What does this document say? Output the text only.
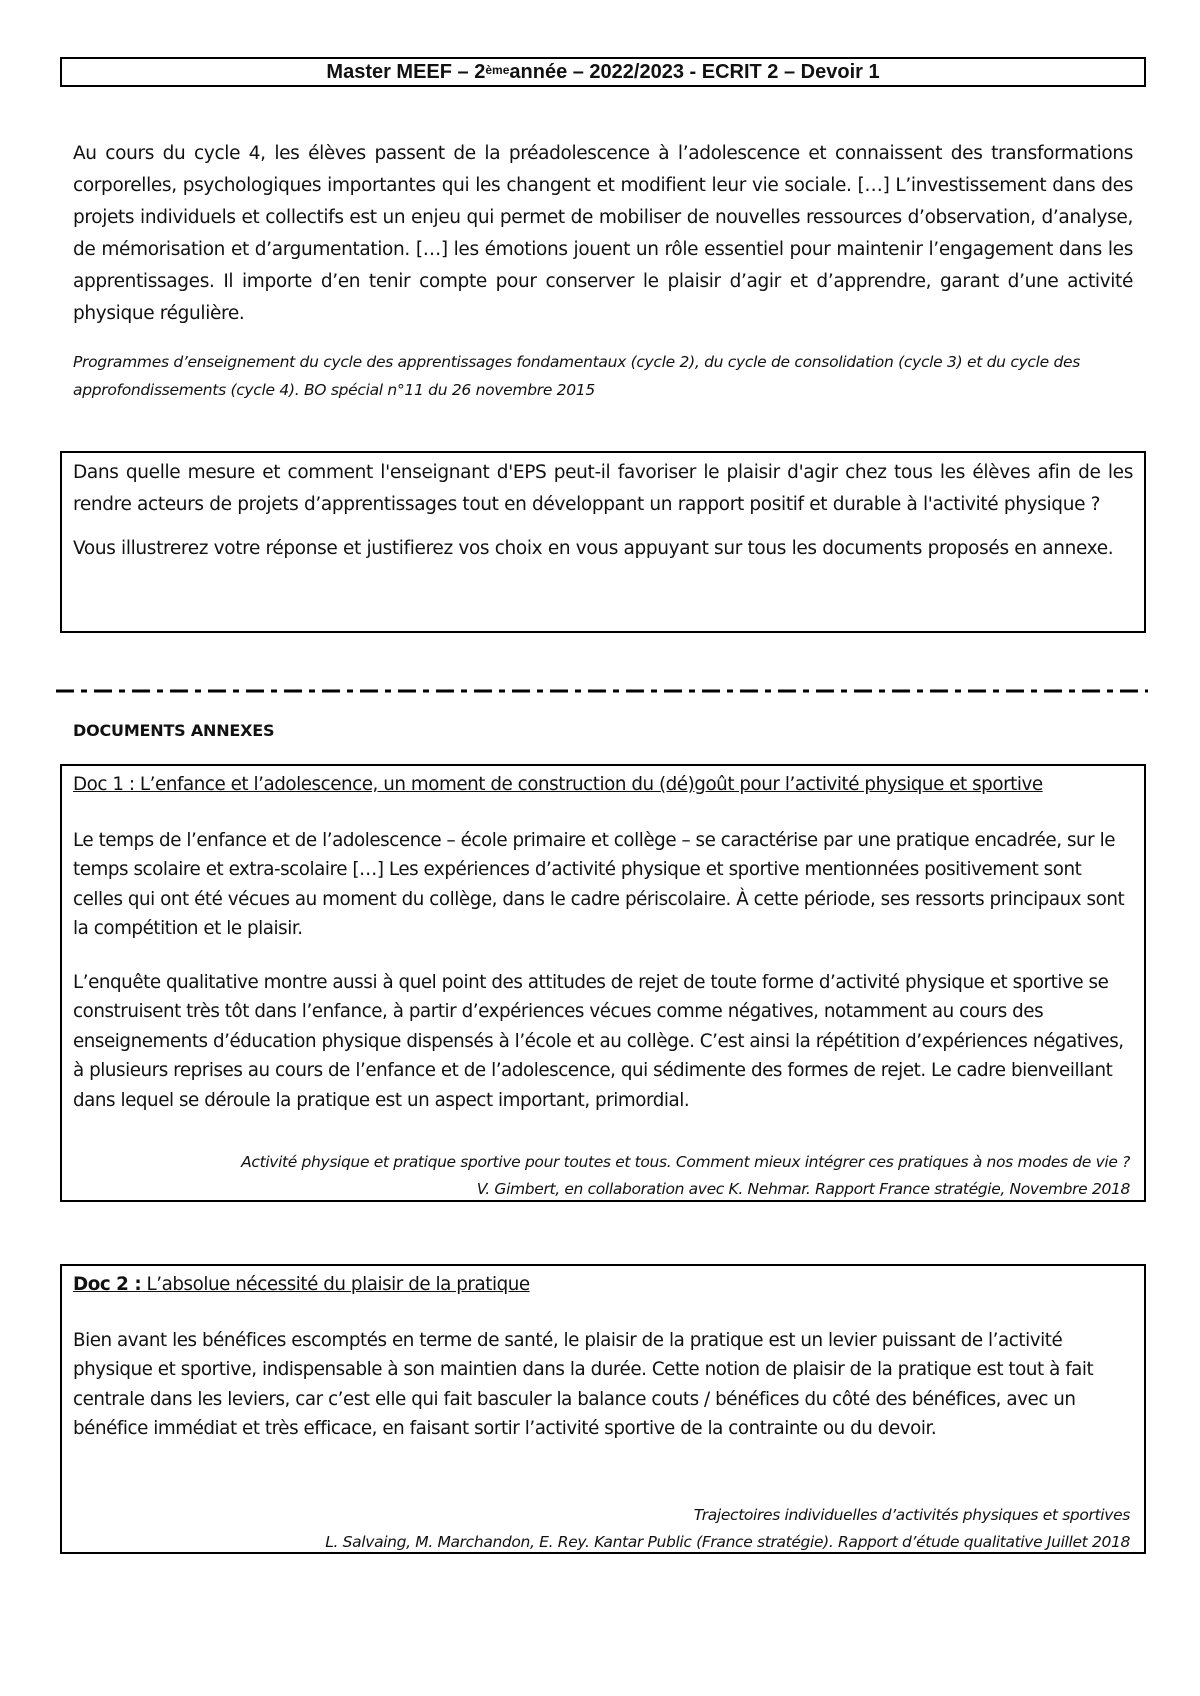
Master MEEF – 2ème année – 2022/2023 - ECRIT 2 – Devoir 1
Au cours du cycle 4, les élèves passent de la préadolescence à l’adolescence et connaissent des transformations corporelles, psychologiques importantes qui les changent et modifient leur vie sociale. […] L’investissement dans des projets individuels et collectifs est un enjeu qui permet de mobiliser de nouvelles ressources d’observation, d’analyse, de mémorisation et d’argumentation. […] les émotions jouent un rôle essentiel pour maintenir l’engagement dans les apprentissages. Il importe d’en tenir compte pour conserver le plaisir d’agir et d’apprendre, garant d’une activité physique régulière.
Programmes d’enseignement du cycle des apprentissages fondamentaux (cycle 2), du cycle de consolidation (cycle 3) et du cycle des approfondissements (cycle 4). BO spécial n°11 du 26 novembre 2015

Dans quelle mesure et comment l'enseignant d'EPS peut-il favoriser le plaisir d'agir chez tous les élèves afin de les rendre acteurs de projets d’apprentissages tout en développant un rapport positif et durable à l'activité physique ?

Vous illustrerez votre réponse et justifierez vos choix en vous appuyant sur tous les documents proposés en annexe.

DOCUMENTS ANNEXES

Doc 1 : L’enfance et l’adolescence, un moment de construction du (dé)goût pour l’activité physique et sportive

Le temps de l’enfance et de l’adolescence – école primaire et collège – se caractérise par une pratique encadrée, sur le temps scolaire et extra-scolaire […] Les expériences d’activité physique et sportive mentionnées positivement sont celles qui ont été vécues au moment du collège, dans le cadre périscolaire. À cette période, ses ressorts principaux sont la compétition et le plaisir.

L’enquête qualitative montre aussi à quel point des attitudes de rejet de toute forme d’activité physique et sportive se construisent très tôt dans l’enfance, à partir d’expériences vécues comme négatives, notamment au cours des enseignements d’éducation physique dispensés à l’école et au collège. C’est ainsi la répétition d’expériences négatives, à plusieurs reprises au cours de l’enfance et de l’adolescence, qui sédimente des formes de rejet. Le cadre bienveillant dans lequel se déroule la pratique est un aspect important, primordial.

Activité physique et pratique sportive pour toutes et tous. Comment mieux intégrer ces pratiques à nos modes de vie ?
V. Gimbert, en collaboration avec K. Nehmar. Rapport France stratégie, Novembre 2018

Doc 2 : L’absolue nécessité du plaisir de la pratique

Bien avant les bénéfices escomptés en terme de santé, le plaisir de la pratique est un levier puissant de l’activité physique et sportive, indispensable à son maintien dans la durée. Cette notion de plaisir de la pratique est tout à fait centrale dans les leviers, car c’est elle qui fait basculer la balance couts / bénéfices du côté des bénéfices, avec un bénéfice immédiat et très efficace, en faisant sortir l’activité sportive de la contrainte ou du devoir.

Trajectoires individuelles d’activités physiques et sportives
L. Salvaing, M. Marchandon, E. Rey. Kantar Public (France stratégie). Rapport d’étude qualitative Juillet 2018
